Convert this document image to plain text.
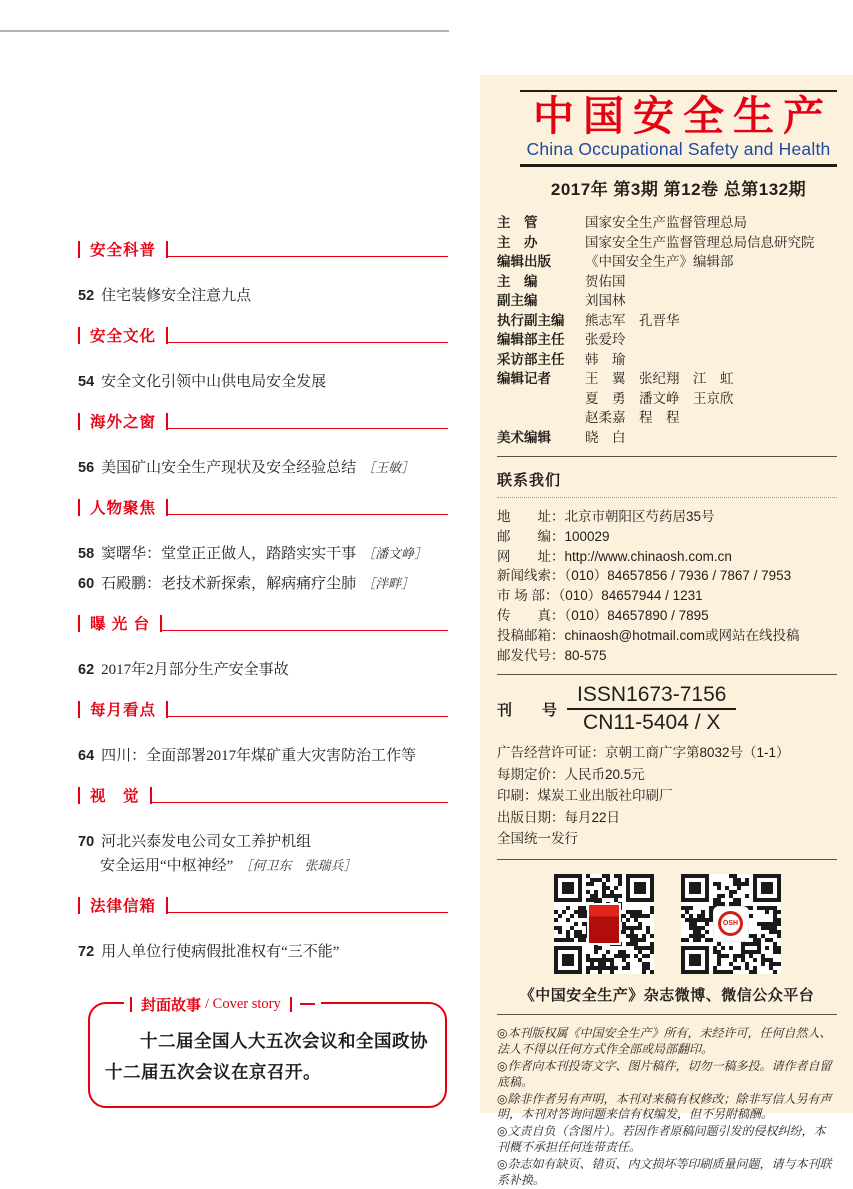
安全科普
52 住宅装修安全注意九点
安全文化
54 安全文化引领中山供电局安全发展
海外之窗
56 美国矿山安全生产现状及安全经验总结 ［王敏］
人物聚焦
58 窦曙华：堂堂正正做人，踏踏实实干事 ［潘文峥］
60 石殿鹏：老技术新探索，解病痛疗尘肺 ［泮畔］
曝 光 台
62 2017年2月部分生产安全事故
每月看点
64 四川：全面部署2017年煤矿重大灾害防治工作等
视　觉
70 河北兴泰发电公司女工养护机组
安全运用“中枢神经” ［何卫东　张瑞兵］
法律信箱
72 用人单位行使病假批准权有“三不能”
封面故事 / Cover story
十二届全国人大五次会议和全国政协十二届五次会议在京召开。
中国安全生产
China Occupational Safety and Health
2017年 第3期 第12卷 总第132期
主　管	国家安全生产监督管理总局
主　办	国家安全生产监督管理总局信息研究院
编辑出版	《中国安全生产》编辑部
主　编	贺佑国
副主编	刘国林
执行副主编	熊志军　孔晋华
编辑部主任	张爱玲
采访部主任	韩　瑜
编辑记者	王　翼　张纪翔　江　虹
夏　勇　潘文峥　王京欣
赵柔嘉　程　程
美术编辑	晓　白
联系我们
地　　址：北京市朝阳区芍药居35号
邮　　编：100029
网　　址：http://www.chinaosh.com.cn
新闻线索：（010）84657856 / 7936 / 7867 / 7953
市 场 部：（010）84657944 / 1231
传　　真：（010）84657890 / 7895
投稿邮箱：chinaosh@hotmail.com或网站在线投稿
邮发代号：80-575
刊　　号 $\frac{\text{ISSN1673-7156}}{CN11-5404 / X}$
广告经营许可证：京朝工商广字第8032号（1-1）
每期定价：人民币20.5元
印刷：煤炭工业出版社印刷厂
出版日期：每月22日
全国统一发行
OSH
《中国安全生产》杂志微博、微信公众平台
◎本刊版权属《中国安全生产》所有，未经许可，任何自然人、法人不得以任何方式作全部或局部翻印。
◎作者向本刊投寄文字、图片稿件，切勿一稿多投。请作者自留底稿。
◎除非作者另有声明，本刊对来稿有权修改；除非写信人另有声明，本刊对答询问题来信有权编发，但不另附稿酬。
◎文责自负（含图片）。若因作者原稿问题引发的侵权纠纷，本刊概不承担任何连带责任。
◎杂志如有缺页、错页、内文损坏等印刷质量问题，请与本刊联系补换。
